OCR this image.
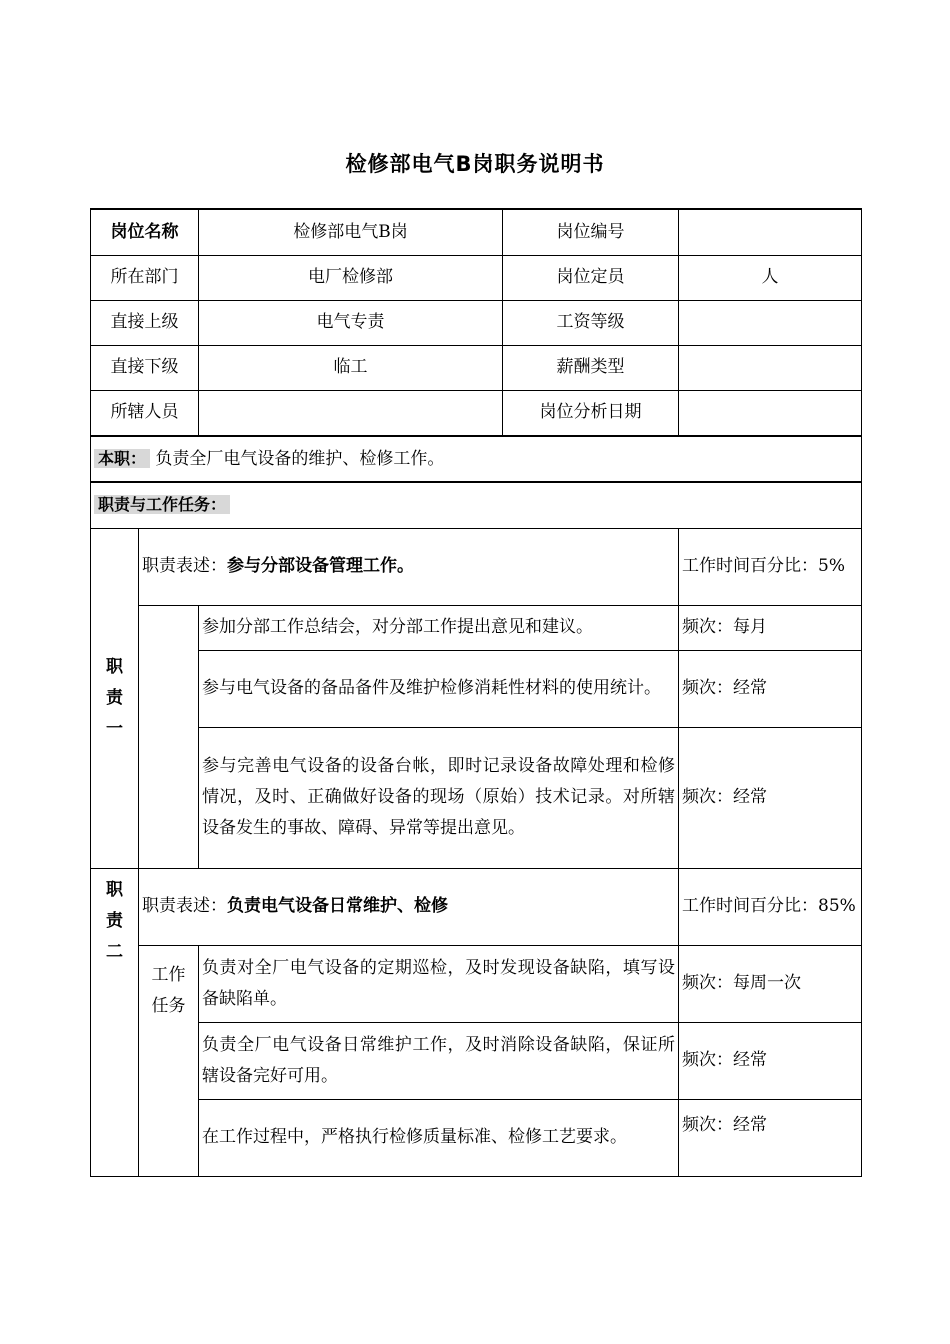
检修部电气B岗职务说明书
岗位名称		检修部电气B岗	岗位编号	
所在部门		电厂检修部	岗位定员	人
直接上级		电气专责	工资等级	
直接下级		临工	薪酬类型	
所辖人员			岗位分析日期	
本职： 负责全厂电气设备的维护、检修工作。				
职责与工作任务：				

职
责
一	职责表述：参与分部设备管理工作。			工作时间百分比：5%
		参加分部工作总结会，对分部工作提出意见和建议。		频次：每月
		参与电气设备的备品备件及维护检修消耗性材料的使用统计。		频次：经常
		参与完善电气设备的设备台帐，即时记录设备故障处理和检修情况，及时、正确做好设备的现场（原始）技术记录。对所辖设备发生的事故、障碍、异常等提出意见。		频次：经常

职
责
二	职责表述：负责电气设备日常维护、检修			工作时间百分比：85%

	工作
任务	负责对全厂电气设备的定期巡检，及时发现设备缺陷，填写设备缺陷单。		频次：每周一次
		负责全厂电气设备日常维护工作，及时消除设备缺陷，保证所辖设备完好可用。		频次：经常
		在工作过程中，严格执行检修质量标准、检修工艺要求。		频次：经常
